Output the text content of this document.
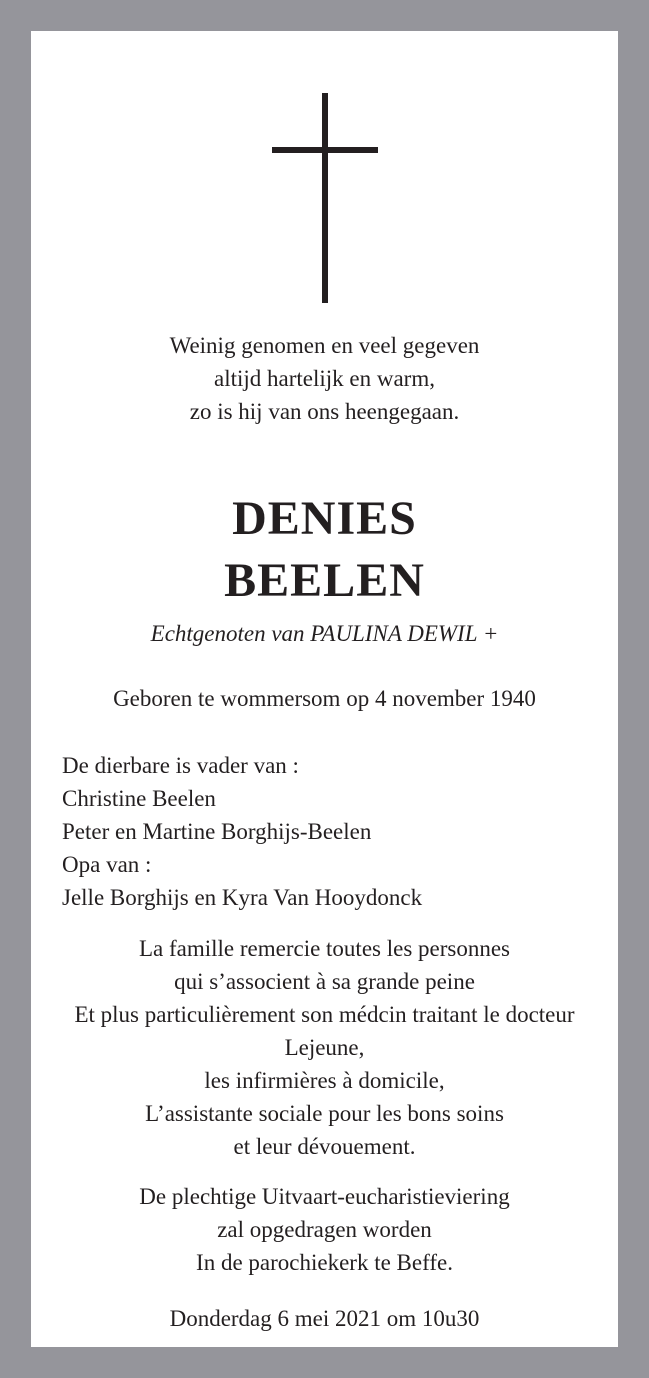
Weinig genomen en veel gegeven
altijd hartelijk en warm,
zo is hij van ons heengegaan.
DENIES
BEELEN
Echtgenoten van PAULINA DEWIL +
Geboren te wommersom op 4 november 1940
De dierbare is vader van :
Christine Beelen
Peter en Martine Borghijs-Beelen
Opa van :
Jelle Borghijs en Kyra Van Hooydonck
La famille remercie toutes les personnes
qui s’associent à sa grande peine
Et plus particulièrement son médcin traitant le docteur
Lejeune,
les infirmières à domicile,
L’assistante sociale pour les bons soins
et leur dévouement.
De plechtige Uitvaart-eucharistieviering
zal opgedragen worden
In de parochiekerk te Beffe.
Donderdag 6 mei 2021 om 10u30
